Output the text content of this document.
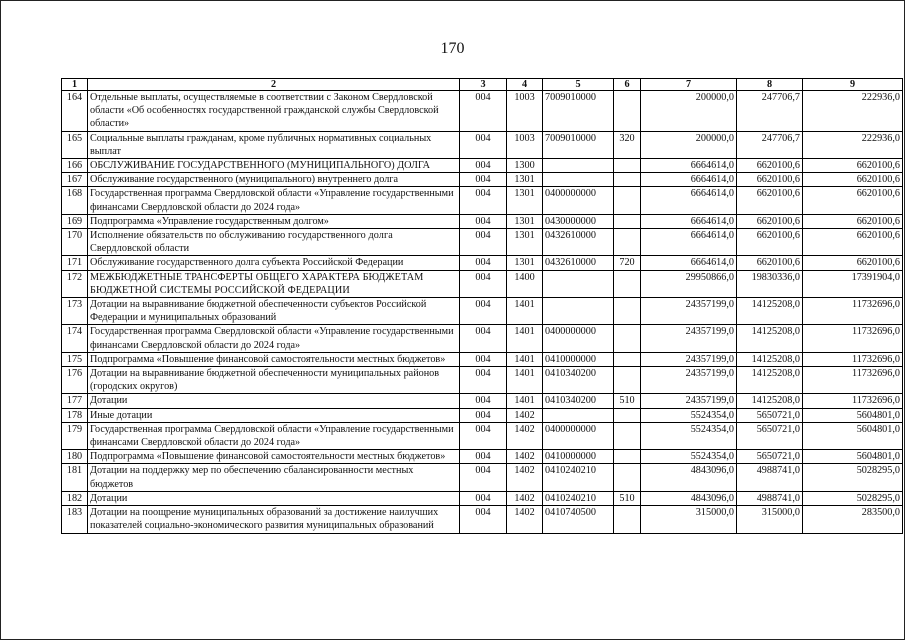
170
1	2	3	4	5	6	7	8	9
164	Отдельные выплаты, осуществляемые в соответствии с Законом Свердловской области «Об особенностях государственной гражданской службы Свердловской области»	004	1003	7009010000		200000,0	247706,7	222936,0
165	Социальные выплаты гражданам, кроме публичных нормативных социальных выплат	004	1003	7009010000	320	200000,0	247706,7	222936,0
166	ОБСЛУЖИВАНИЕ ГОСУДАРСТВЕННОГО (МУНИЦИПАЛЬНОГО) ДОЛГА	004	1300			6664614,0	6620100,6	6620100,6
167	Обслуживание государственного (муниципального) внутреннего долга	004	1301			6664614,0	6620100,6	6620100,6
168	Государственная программа Свердловской области «Управление государственными финансами Свердловской области до 2024 года»	004	1301	0400000000		6664614,0	6620100,6	6620100,6
169	Подпрограмма «Управление государственным долгом»	004	1301	0430000000		6664614,0	6620100,6	6620100,6
170	Исполнение обязательств по обслуживанию государственного долга Свердловской области	004	1301	0432610000		6664614,0	6620100,6	6620100,6
171	Обслуживание государственного долга субъекта Российской Федерации	004	1301	0432610000	720	6664614,0	6620100,6	6620100,6
172	МЕЖБЮДЖЕТНЫЕ ТРАНСФЕРТЫ ОБЩЕГО ХАРАКТЕРА БЮДЖЕТАМ БЮДЖЕТНОЙ СИСТЕМЫ РОССИЙСКОЙ ФЕДЕРАЦИИ	004	1400			29950866,0	19830336,0	17391904,0
173	Дотации на выравнивание бюджетной обеспеченности субъектов Российской Федерации и муниципальных образований	004	1401			24357199,0	14125208,0	11732696,0
174	Государственная программа Свердловской области «Управление государственными финансами Свердловской области до 2024 года»	004	1401	0400000000		24357199,0	14125208,0	11732696,0
175	Подпрограмма «Повышение финансовой самостоятельности местных бюджетов»	004	1401	0410000000		24357199,0	14125208,0	11732696,0
176	Дотации на выравнивание бюджетной обеспеченности муниципальных районов (городских округов)	004	1401	0410340200		24357199,0	14125208,0	11732696,0
177	Дотации	004	1401	0410340200	510	24357199,0	14125208,0	11732696,0
178	Иные дотации	004	1402			5524354,0	5650721,0	5604801,0
179	Государственная программа Свердловской области «Управление государственными финансами Свердловской области до 2024 года»	004	1402	0400000000		5524354,0	5650721,0	5604801,0
180	Подпрограмма «Повышение финансовой самостоятельности местных бюджетов»	004	1402	0410000000		5524354,0	5650721,0	5604801,0
181	Дотации на поддержку мер по обеспечению сбалансированности местных бюджетов	004	1402	0410240210		4843096,0	4988741,0	5028295,0
182	Дотации	004	1402	0410240210	510	4843096,0	4988741,0	5028295,0
183	Дотации на поощрение муниципальных образований за достижение наилучших показателей социально-экономического развития муниципальных образований	004	1402	0410740500		315000,0	315000,0	283500,0
